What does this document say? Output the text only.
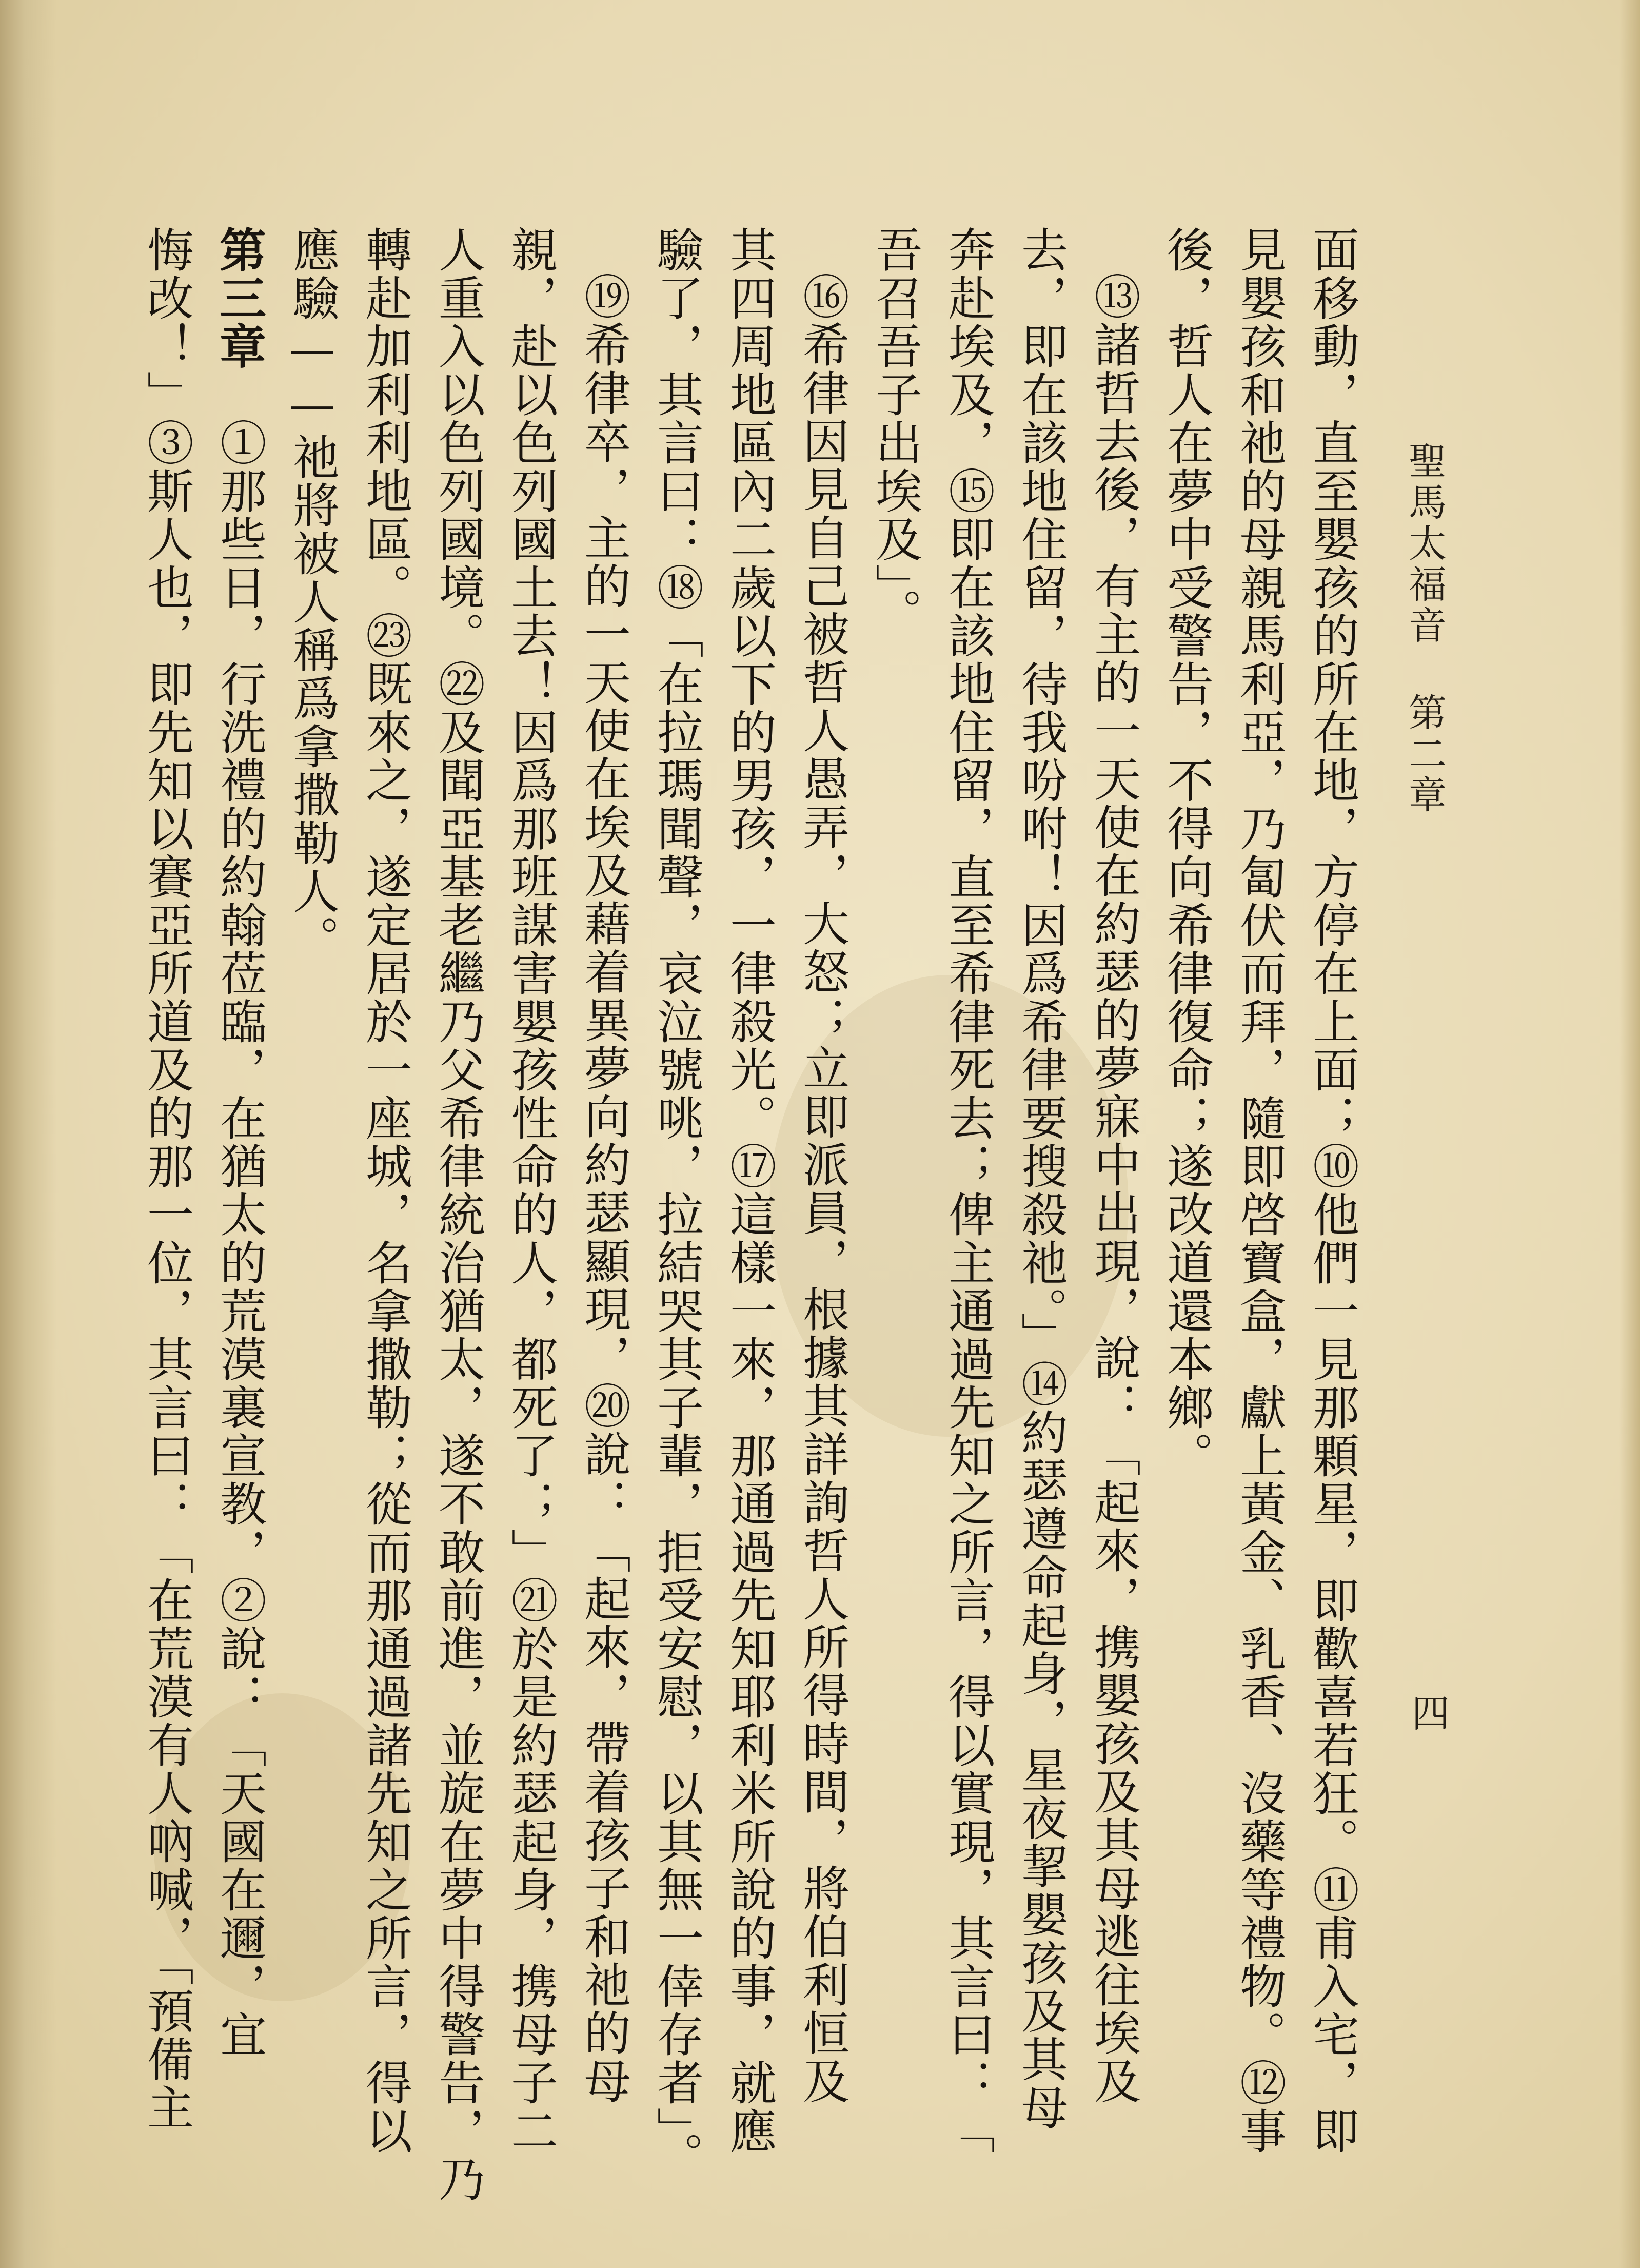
聖馬太福音第二章
四
面移動，直至嬰孩的所在地，方停在上面；⑩他們一見那顆星，即歡喜若狂。⑪甫入宅，即
見嬰孩和祂的母親馬利亞，乃匐伏而拜，隨即啓寶盒，獻上黃金、乳香、沒藥等禮物。⑫事
後，哲人在夢中受警告，不得向希律復命；遂改道還本鄉。
⑬諸哲去後，有主的一天使在約瑟的夢寐中出現，說：「起來，携嬰孩及其母逃往埃及
去，即在該地住留，待我吩咐！因爲希律要搜殺祂。」⑭約瑟遵命起身，星夜挈嬰孩及其母
奔赴埃及，⑮即在該地住留，直至希律死去；俾主通過先知之所言，得以實現，其言曰：「
吾召吾子出埃及」。
⑯希律因見自己被哲人愚弄，大怒；立即派員，根據其詳詢哲人所得時間，將伯利恒及
其四周地區內二歲以下的男孩，一律殺光。⑰這樣一來，那通過先知耶利米所說的事，就應
驗了，其言曰：⑱「在拉瑪聞聲，哀泣號咷，拉結哭其子輩，拒受安慰，以其無一倖存者」。
⑲希律卒，主的一天使在埃及藉着異夢向約瑟顯現，⑳說：「起來，帶着孩子和祂的母
親，赴以色列國土去！因爲那班謀害嬰孩性命的人，都死了；」㉑於是約瑟起身，携母子二
人重入以色列國境。㉒及聞亞基老繼乃父希律統治猶太，遂不敢前進，並旋在夢中得警告，乃
轉赴加利利地區。㉓既來之，遂定居於一座城，名拿撒勒；從而那通過諸先知之所言，得以
應驗——祂將被人稱爲拿撒勒人。
第三章　①那些日，行洗禮的約翰莅臨，在猶太的荒漠裏宣教，②說：「天國在邇，宜
悔改！」③斯人也，即先知以賽亞所道及的那一位，其言曰：「在荒漠有人吶喊，「預備主
